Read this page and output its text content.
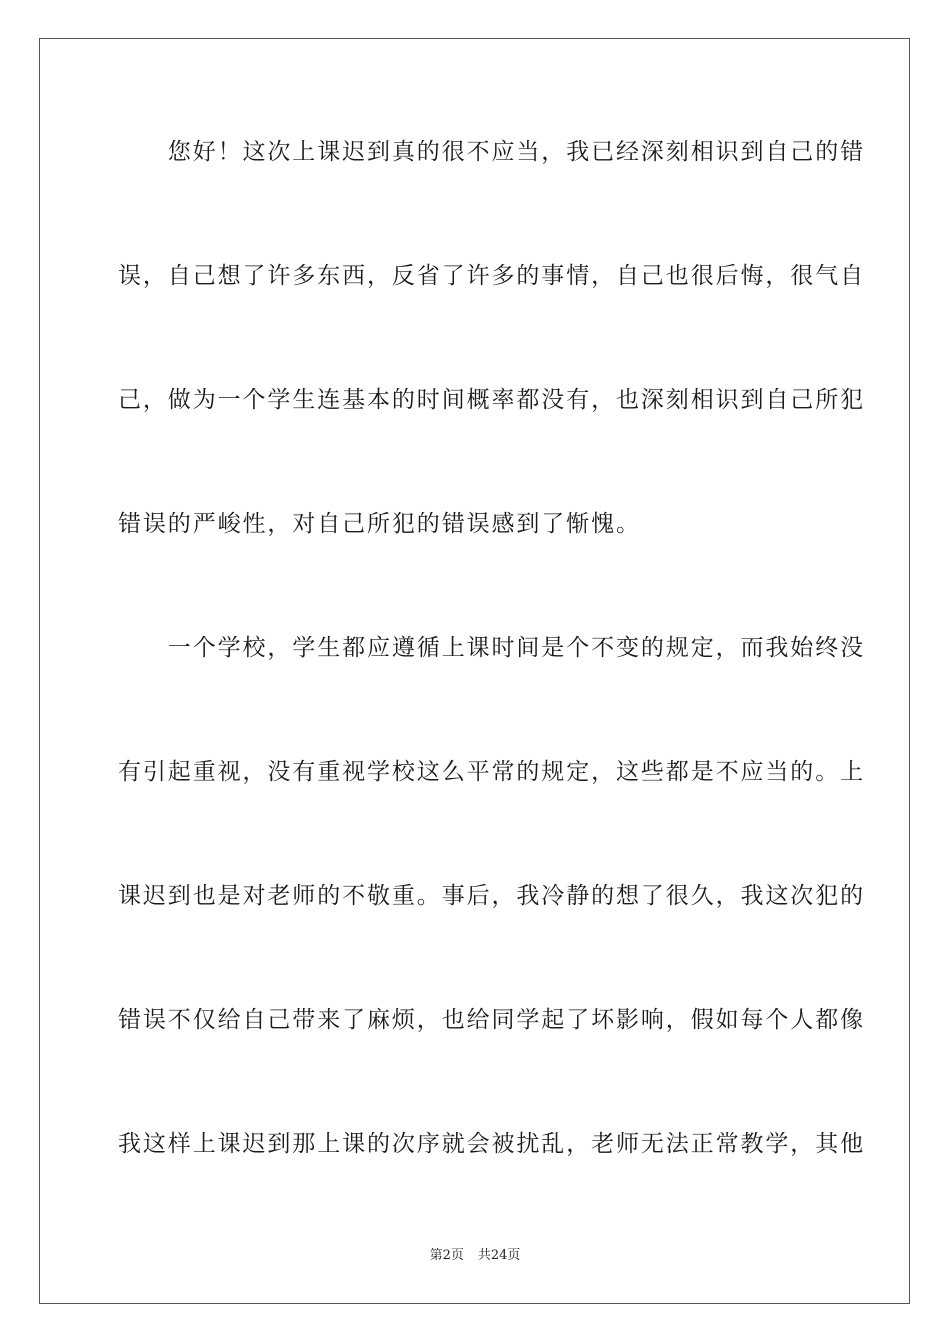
　　您好！这次上课迟到真的很不应当，我已经深刻相识到自己的错
误，自己想了许多东西，反省了许多的事情，自己也很后悔，很气自
己，做为一个学生连基本的时间概率都没有，也深刻相识到自己所犯
错误的严峻性，对自己所犯的错误感到了惭愧。
　　一个学校，学生都应遵循上课时间是个不变的规定，而我始终没
有引起重视，没有重视学校这么平常的规定，这些都是不应当的。上
课迟到也是对老师的不敬重。事后，我冷静的想了很久，我这次犯的
错误不仅给自己带来了麻烦，也给同学起了坏影响，假如每个人都像
我这样上课迟到那上课的次序就会被扰乱，老师无法正常教学，其他
第2页 共24页
